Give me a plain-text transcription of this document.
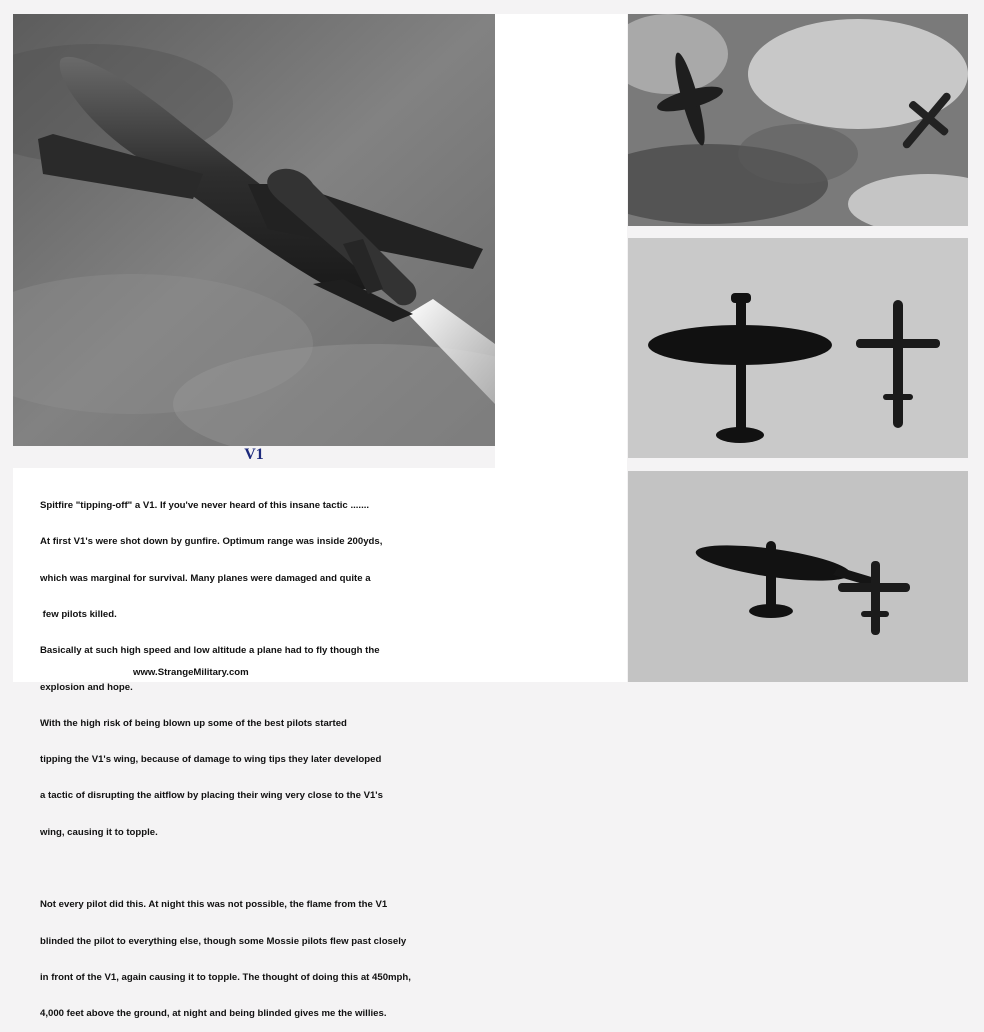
V1

Spitfire "tipping-off" a V1. If you've never heard of this insane tactic .......

At first V1's were shot down by gunfire. Optimum range was inside 200yds,

which was marginal for survival. Many planes were damaged and quite a

few pilots killed.

Basically at such high speed and low altitude a plane had to fly though the

explosion and hope.

With the high risk of being blown up some of the best pilots started

tipping the V1's wing, because of damage to wing tips they later developed

a tactic of disrupting the aitflow by placing their wing very close to the V1's

wing, causing it to topple.

Not every pilot did this. At night this was not possible, the flame from the V1

blinded the pilot to everything else, though some Mossie pilots flew past closely

in front of the V1, again causing it to topple. The thought of doing this at 450mph,

4,000 feet above the ground, at night and being blinded gives me the willies.

www.StrangeMilitary.com
